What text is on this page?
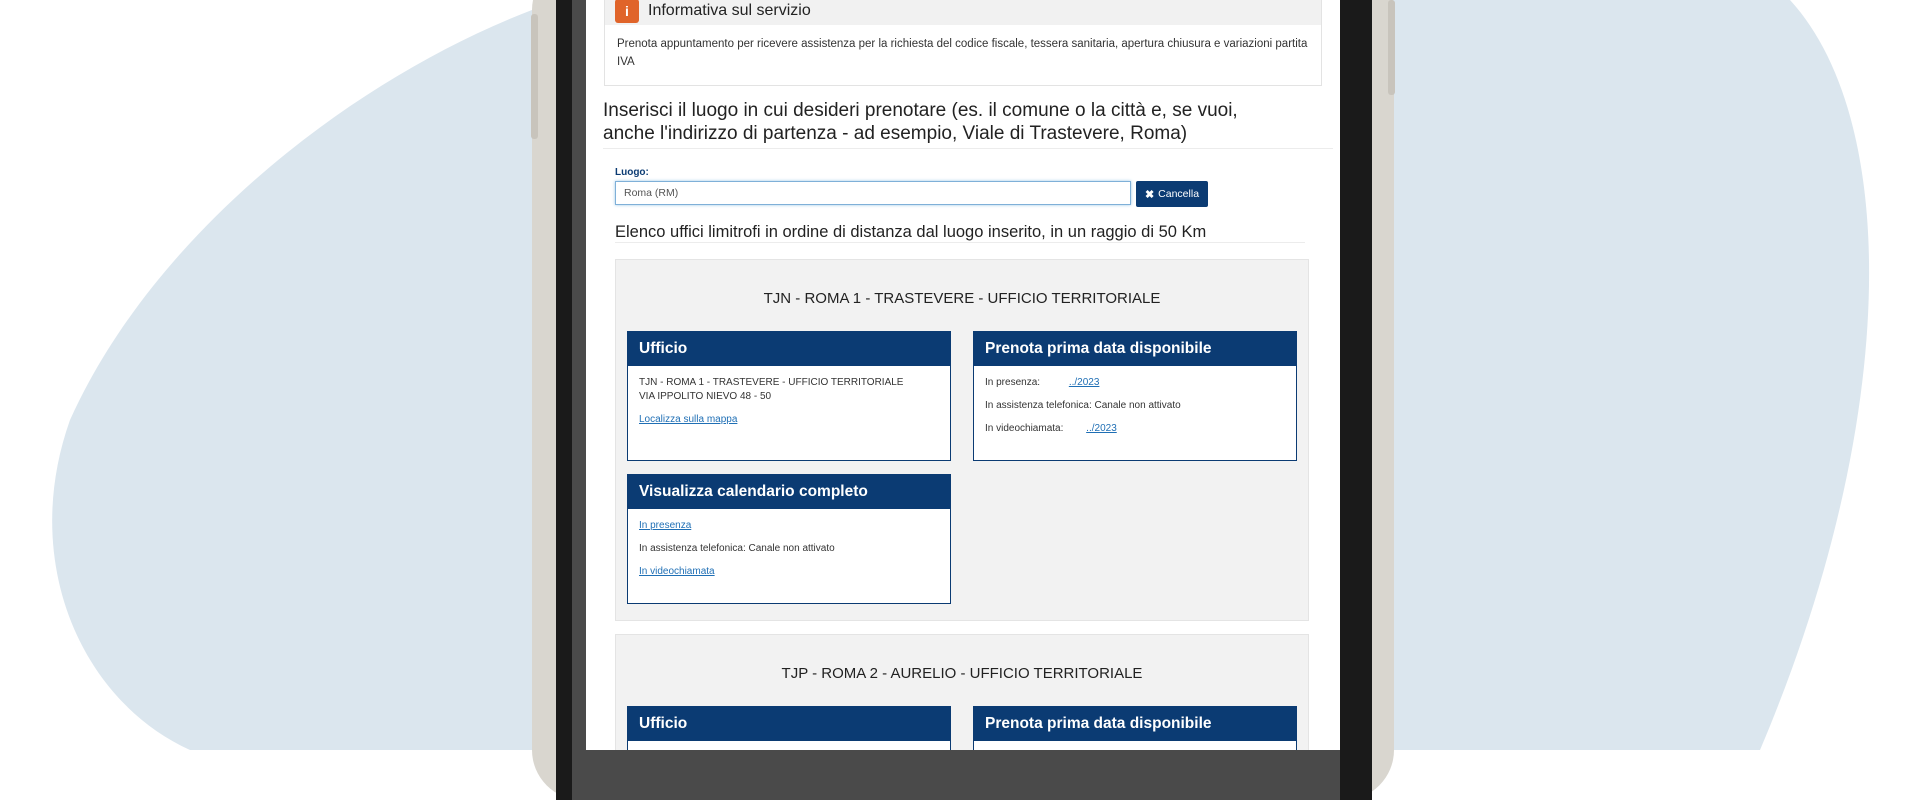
i	Informativa sul servizio
Prenota appuntamento per ricevere assistenza per la richiesta del codice fiscale, tessera sanitaria, apertura chiusura e variazioni partita IVA
Inserisci il luogo in cui desideri prenotare (es. il comune o la città e, se vuoi, anche l'indirizzo di partenza - ad esempio, Viale di Trastevere, Roma)
Luogo:
Roma (RM)	✖ Cancella
Elenco uffici limitrofi in ordine di distanza dal luogo inserito, in un raggio di 50 Km
TJN - ROMA 1 - TRASTEVERE - UFFICIO TERRITORIALE
Ufficio
TJN - ROMA 1 - TRASTEVERE - UFFICIO TERRITORIALE
VIA IPPOLITO NIEVO 48 - 50
Localizza sulla mappa
Prenota prima data disponibile
In presenza:	../2023
In assistenza telefonica: Canale non attivato
In videochiamata: ../2023
Visualizza calendario completo
In presenza
In assistenza telefonica: Canale non attivato
In videochiamata
TJP - ROMA 2 - AURELIO - UFFICIO TERRITORIALE
Ufficio	Prenota prima data disponibile
